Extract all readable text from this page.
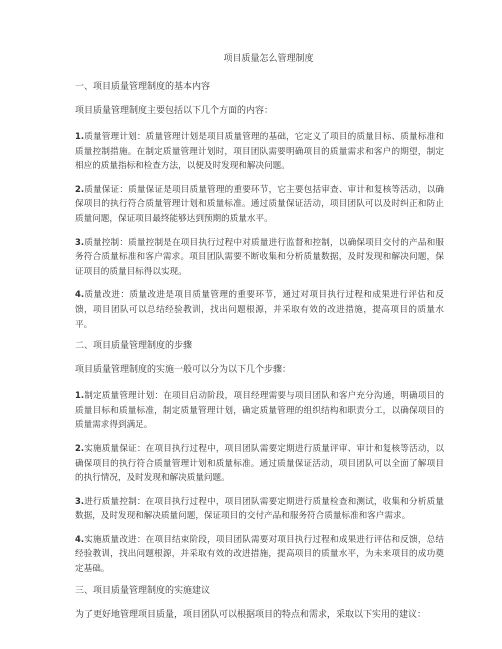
项目质量怎么管理制度
一、项目质量管理制度的基本内容
项目质量管理制度主要包括以下几个方面的内容：

1.质量管理计划：质量管理计划是项目质量管理的基础，它定义了项目的质量目标、质量标准和质量控制措施。在制定质量管理计划时，项目团队需要明确项目的质量需求和客户的期望，制定相应的质量指标和检查方法，以便及时发现和解决问题。

2.质量保证：质量保证是项目质量管理的重要环节，它主要包括审查、审计和复核等活动，以确保项目的执行符合质量管理计划和质量标准。通过质量保证活动，项目团队可以及时纠正和防止质量问题，保证项目最终能够达到预期的质量水平。

3.质量控制：质量控制是在项目执行过程中对质量进行监督和控制，以确保项目交付的产品和服务符合质量标准和客户需求。项目团队需要不断收集和分析质量数据，及时发现和解决问题，保证项目的质量目标得以实现。

4.质量改进：质量改进是项目质量管理的重要环节，通过对项目执行过程和成果进行评估和反馈，项目团队可以总结经验教训，找出问题根源，并采取有效的改进措施，提高项目的质量水平。

二、项目质量管理制度的步骤
项目质量管理制度的实施一般可以分为以下几个步骤：

1.制定质量管理计划：在项目启动阶段，项目经理需要与项目团队和客户充分沟通，明确项目的质量目标和质量标准，制定质量管理计划，确定质量管理的组织结构和职责分工，以确保项目的质量需求得到满足。

2.实施质量保证：在项目执行过程中，项目团队需要定期进行质量评审、审计和复核等活动，以确保项目的执行符合质量管理计划和质量标准。通过质量保证活动，项目团队可以全面了解项目的执行情况，及时发现和解决质量问题。

3.进行质量控制：在项目执行过程中，项目团队需要定期进行质量检查和测试，收集和分析质量数据，及时发现和解决质量问题，保证项目的交付产品和服务符合质量标准和客户需求。

4.实施质量改进：在项目结束阶段，项目团队需要对项目执行过程和成果进行评估和反馈，总结经验教训，找出问题根源，并采取有效的改进措施，提高项目的质量水平，为未来项目的成功奠定基础。

三、项目质量管理制度的实施建议
为了更好地管理项目质量，项目团队可以根据项目的特点和需求，采取以下实用的建议：
